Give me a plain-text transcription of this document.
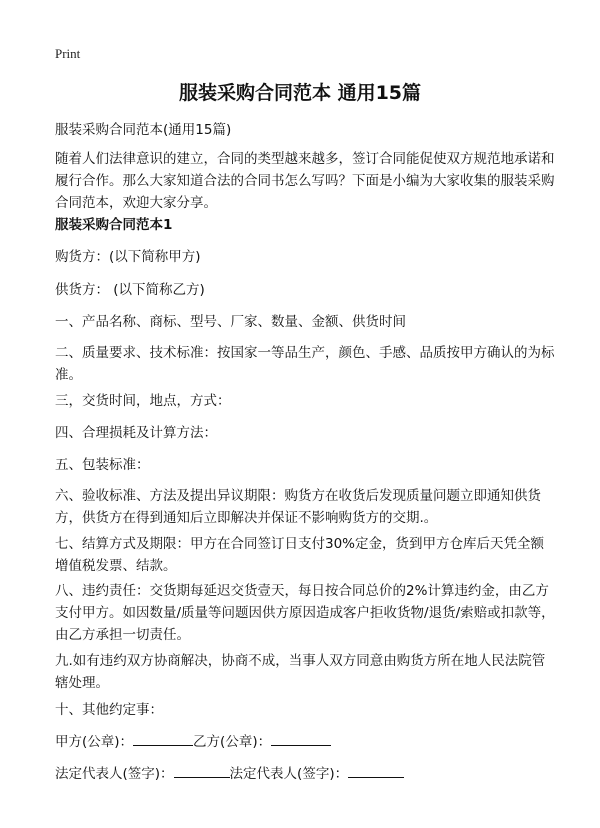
Print
服装采购合同范本 通用15篇

服装采购合同范本(通用15篇)

随着人们法律意识的建立，合同的类型越来越多，签订合同能促使双方规范地承诺和履行合作。那么大家知道合法的合同书怎么写吗？下面是小编为大家收集的服装采购合同范本，欢迎大家分享。

服装采购合同范本1

购货方：(以下简称甲方)

供货方： (以下简称乙方)

一、产品名称、商标、型号、厂家、数量、金额、供货时间

二、质量要求、技术标准：按国家一等品生产，颜色、手感、品质按甲方确认的为标准。

三，交货时间，地点，方式：

四、合理损耗及计算方法：

五、包装标准：

六、验收标准、方法及提出异议期限：购货方在收货后发现质量问题立即通知供货方，供货方在得到通知后立即解决并保证不影响购货方的交期.。

七、结算方式及期限：甲方在合同签订日支付30%定金，货到甲方仓库后天凭全额增值税发票、结款。

八、违约责任：交货期每延迟交货壹天，每日按合同总价的2%计算违约金，由乙方支付甲方。如因数量/质量等问题因供方原因造成客户拒收货物/退货/索赔或扣款等，由乙方承担一切责任。

九.如有违约双方协商解决，协商不成，当事人双方同意由购货方所在地人民法院管辖处理。

十、其他约定事：

甲方(公章)：	乙方(公章)：

法定代表人(签字)：	法定代表人(签字)：
